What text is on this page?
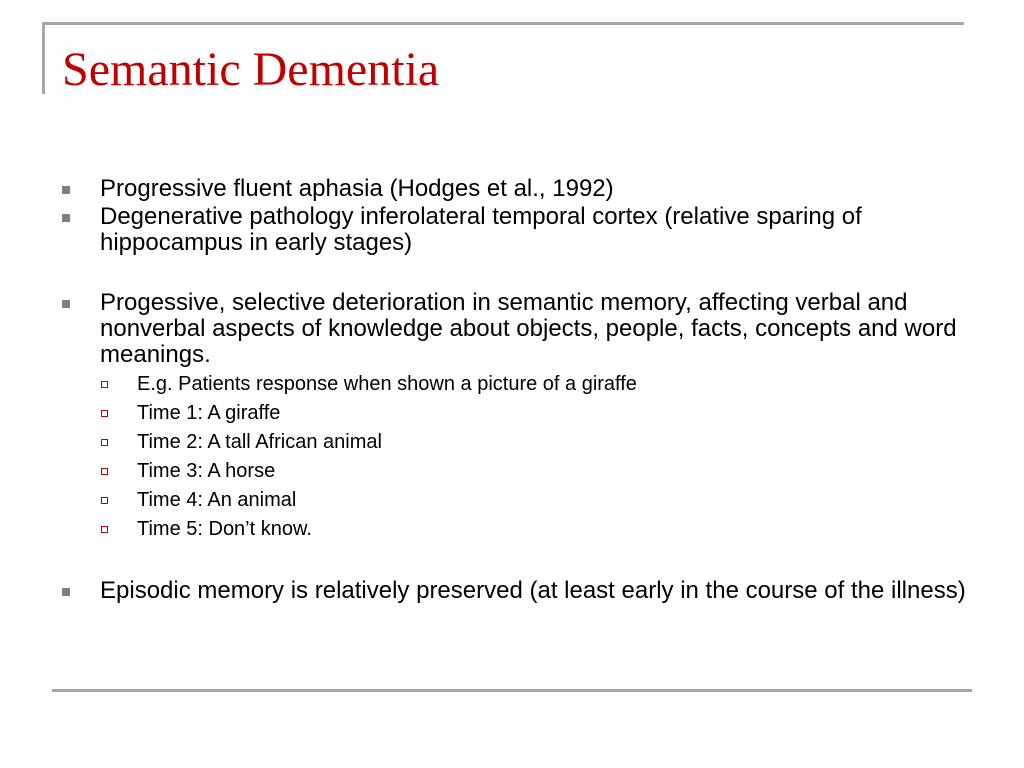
Semantic Dementia
Progressive fluent aphasia (Hodges et al., 1992)
Degenerative pathology inferolateral temporal cortex (relative sparing of hippocampus in early stages)
Progessive, selective deterioration in semantic memory, affecting verbal and nonverbal aspects of knowledge about objects, people, facts, concepts and word meanings.
E.g. Patients response when shown a picture of a giraffe
Time 1: A giraffe
Time 2: A tall African animal
Time 3: A horse
Time 4: An animal
Time 5: Don’t know.
Episodic memory is relatively preserved (at least early in the course of the illness)
